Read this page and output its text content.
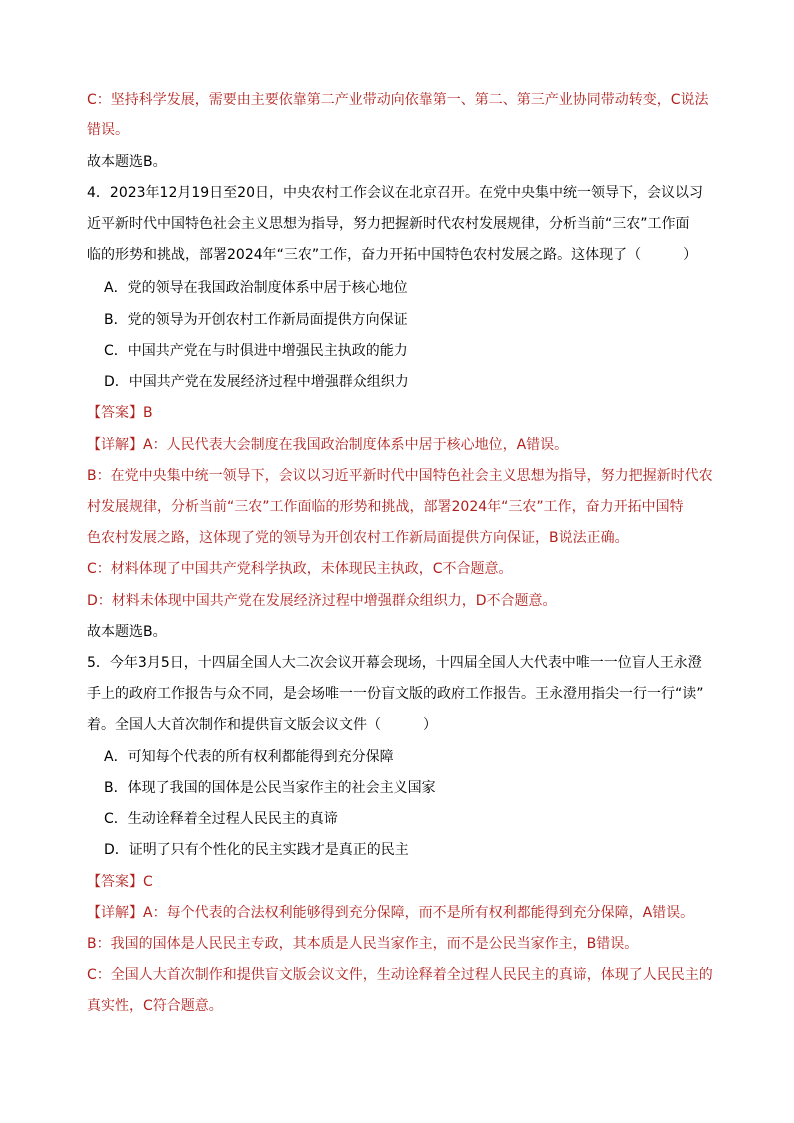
C：坚持科学发展，需要由主要依靠第二产业带动向依靠第一、第二、第三产业协同带动转变，C说法
错误。
故本题选B。
4．2023年12月19日至20日，中央农村工作会议在北京召开。在党中央集中统一领导下，会议以习
近平新时代中国特色社会主义思想为指导，努力把握新时代农村发展规律，分析当前“三农”工作面
临的形势和挑战，部署2024年“三农”工作，奋力开拓中国特色农村发展之路。这体现了（　　　）
A．党的领导在我国政治制度体系中居于核心地位
B．党的领导为开创农村工作新局面提供方向保证
C．中国共产党在与时俱进中增强民主执政的能力
D．中国共产党在发展经济过程中增强群众组织力
【答案】B
【详解】A：人民代表大会制度在我国政治制度体系中居于核心地位，A错误。
B：在党中央集中统一领导下，会议以习近平新时代中国特色社会主义思想为指导，努力把握新时代农
村发展规律，分析当前“三农”工作面临的形势和挑战，部署2024年“三农”工作，奋力开拓中国特
色农村发展之路，这体现了党的领导为开创农村工作新局面提供方向保证，B说法正确。
C：材料体现了中国共产党科学执政，未体现民主执政，C不合题意。
D：材料未体现中国共产党在发展经济过程中增强群众组织力，D不合题意。
故本题选B。
5．今年3月5日，十四届全国人大二次会议开幕会现场，十四届全国人大代表中唯一一位盲人王永澄
手上的政府工作报告与众不同，是会场唯一一份盲文版的政府工作报告。王永澄用指尖一行一行“读”
着。全国人大首次制作和提供盲文版会议文件（　　　）
A．可知每个代表的所有权利都能得到充分保障
B．体现了我国的国体是公民当家作主的社会主义国家
C．生动诠释着全过程人民民主的真谛
D．证明了只有个性化的民主实践才是真正的民主
【答案】C
【详解】A：每个代表的合法权利能够得到充分保障，而不是所有权利都能得到充分保障，A错误。
B：我国的国体是人民民主专政，其本质是人民当家作主，而不是公民当家作主，B错误。
C：全国人大首次制作和提供盲文版会议文件，生动诠释着全过程人民民主的真谛，体现了人民民主的
真实性，C符合题意。
